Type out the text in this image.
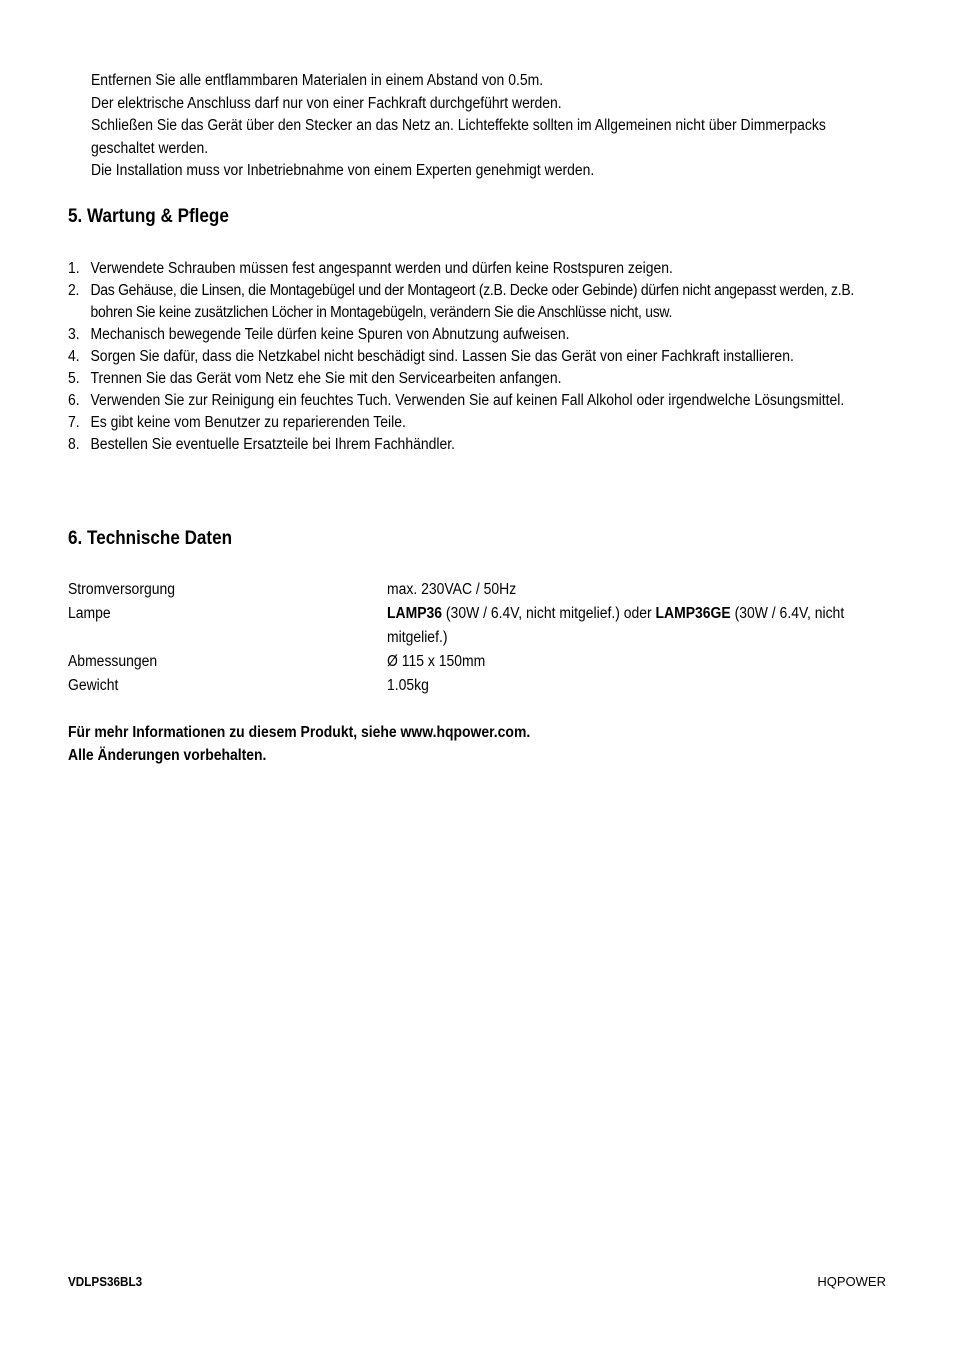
Entfernen Sie alle entflammbaren Materialen in einem Abstand von 0.5m.

Der elektrische Anschluss darf nur von einer Fachkraft durchgeführt werden.

Schließen Sie das Gerät über den Stecker an das Netz an. Lichteffekte sollten im Allgemeinen nicht über Dimmerpacks geschaltet werden.

Die Installation muss vor Inbetriebnahme von einem Experten genehmigt werden.

5. Wartung & Pflege
1. Verwendete Schrauben müssen fest angespannt werden und dürfen keine Rostspuren zeigen.
2. Das Gehäuse, die Linsen, die Montagebügel und der Montageort (z.B. Decke oder Gebinde) dürfen nicht angepasst werden, z.B. bohren Sie keine zusätzlichen Löcher in Montagebügeln, verändern Sie die Anschlüsse nicht, usw.
3. Mechanisch bewegende Teile dürfen keine Spuren von Abnutzung aufweisen.
4. Sorgen Sie dafür, dass die Netzkabel nicht beschädigt sind. Lassen Sie das Gerät von einer Fachkraft installieren.
5. Trennen Sie das Gerät vom Netz ehe Sie mit den Servicearbeiten anfangen.
6. Verwenden Sie zur Reinigung ein feuchtes Tuch. Verwenden Sie auf keinen Fall Alkohol oder irgendwelche Lösungsmittel.
7. Es gibt keine vom Benutzer zu reparierenden Teile.
8. Bestellen Sie eventuelle Ersatzteile bei Ihrem Fachhändler.
6. Technische Daten
Stromversorgung	max. 230VAC / 50Hz
Lampe	LAMP36 (30W / 6.4V, nicht mitgelief.) oder LAMP36GE (30W / 6.4V, nicht mitgelief.)
Abmessungen	Ø 115 x 150mm
Gewicht	1.05kg

Für mehr Informationen zu diesem Produkt, siehe www.hqpower.com.

Alle Änderungen vorbehalten.

VDLPS36BL3	HQPOWER
